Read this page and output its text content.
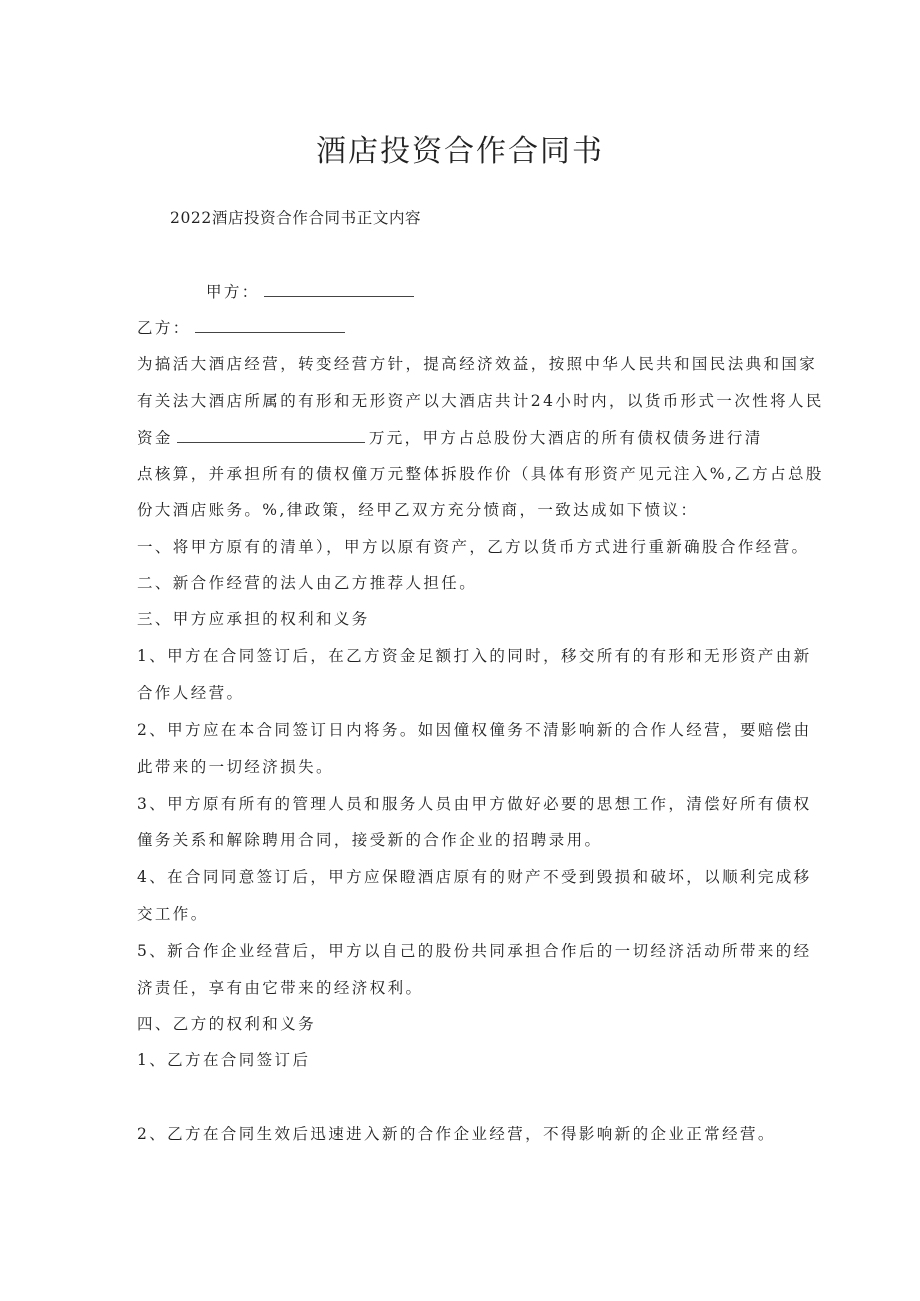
酒店投资合作合同书
2022酒店投资合作合同书正文内容
甲方：
乙方：
为搞活大酒店经营，转变经营方针，提高经济效益，按照中华人民共和国民法典和国家
有关法大酒店所属的有形和无形资产以大酒店共计24小时内，以货币形式一次性将人民
资金	万元，甲方占总股份大酒店的所有债权债务进行清
点核算，并承担所有的债权僮万元整体拆股作价（具体有形资产见元注入%,乙方占总股
份大酒店账务。%,律政策，经甲乙双方充分愤商，一致达成如下愤议：
一、将甲方原有的清单），甲方以原有资产，乙方以货币方式进行重新确股合作经营。
二、新合作经营的法人由乙方推荐人担任。
三、甲方应承担的权利和义务
1、甲方在合同签订后，在乙方资金足额打入的同时，移交所有的有形和无形资产由新
合作人经营。
2、甲方应在本合同签订日内将务。如因僮权僮务不清影响新的合作人经营，要赔偿由
此带来的一切经济损失。
3、甲方原有所有的管理人员和服务人员由甲方做好必要的思想工作，清偿好所有债权
僮务关系和解除聘用合同，接受新的合作企业的招聘录用。
4、在合同同意签订后，甲方应保瞪酒店原有的财产不受到毁损和破坏，以顺利完成移
交工作。
5、新合作企业经营后，甲方以自己的股份共同承担合作后的一切经济活动所带来的经
济责任，享有由它带来的经济权利。
四、乙方的权利和义务
1、乙方在合同签订后
2、乙方在合同生效后迅速进入新的合作企业经营，不得影响新的企业正常经营。
